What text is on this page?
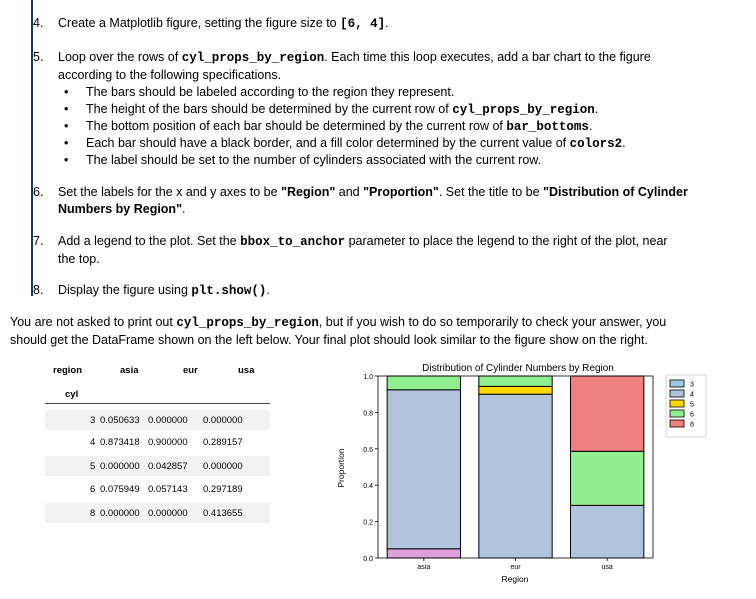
4. Create a Matplotlib figure, setting the figure size to [6, 4].
5. Loop over the rows of cyl_props_by_region. Each time this loop executes, add a bar chart to the figure
according to the following specifications.
• The bars should be labeled according to the region they represent.
• The height of the bars should be determined by the current row of cyl_props_by_region.
• The bottom position of each bar should be determined by the current row of bar_bottoms.
• Each bar should have a black border, and a fill color determined by the current value of colors2.
• The label should be set to the number of cylinders associated with the current row.
6. Set the labels for the x and y axes to be "Region" and "Proportion". Set the title to be "Distribution of Cylinder
Numbers by Region".
7. Add a legend to the plot. Set the bbox_to_anchor parameter to place the legend to the right of the plot, near
the top.
8. Display the figure using plt.show().
You are not asked to print out cyl_props_by_region, but if you wish to do so temporarily to check your answer, you
should get the DataFrame shown on the left below. Your final plot should look similar to the figure show on the right.
region	asia	eur	usa
cyl
3 0.050633 0.000000 0.000000
4 0.873418 0.900000 0.289157
5 0.000000 0.042857 0.000000
6 0.075949 0.057143 0.297189
8 0.000000 0.000000 0.413655
Distribution of Cylinder Numbers by Region
0.0
0.2
0.4
0.6
0.8
1.0
asia	eur	usa
Region
Proportion
3
4
5
6
8
